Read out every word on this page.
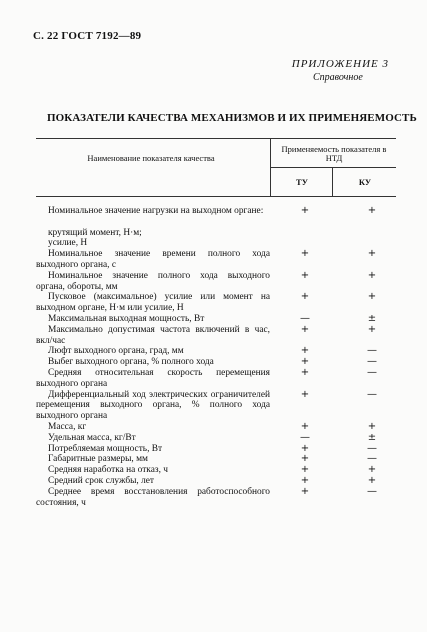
С. 22 ГОСТ 7192—89
ПРИЛОЖЕНИЕ 3
Справочное
ПОКАЗАТЕЛИ КАЧЕСТВА МЕХАНИЗМОВ И ИХ ПРИМЕНЯЕМОСТЬ
Наименование показателя качества
Применяемость показателя в НТД
ТУ	КУ
Номинальное значение нагрузки на выходном органе:	+	+
крутящий момент, Н·м;
усилие, Н
Номинальное значение времени полного хода выходного органа, с
+	+
Номинальное значение полного хода выходного органа, обороты, мм
+	+
Пусковое (максимальное) усилие или момент на выходном органе, Н·м или усилие, Н
+	+
Максимальная выходная мощность, Вт	—	±
Максимально допустимая частота включений в час, вкл/час
+	+
Люфт выходного органа, град, мм	+	—
Выбег выходного органа, % полного хода	+	—
Средняя относительная скорость перемещения выходного органа
+	—
Дифференциальный ход электрических ограничителей перемещения выходного органа, % полного хода выходного органа
+	—
Масса, кг	+	+
Удельная масса, кг/Вт	—	±
Потребляемая мощность, Вт	+	—
Габаритные размеры, мм	+	—
Средняя наработка на отказ, ч	+	+
Средний срок службы, лет	+	+
Среднее время восстановления работоспособного состояния, ч
+	—
